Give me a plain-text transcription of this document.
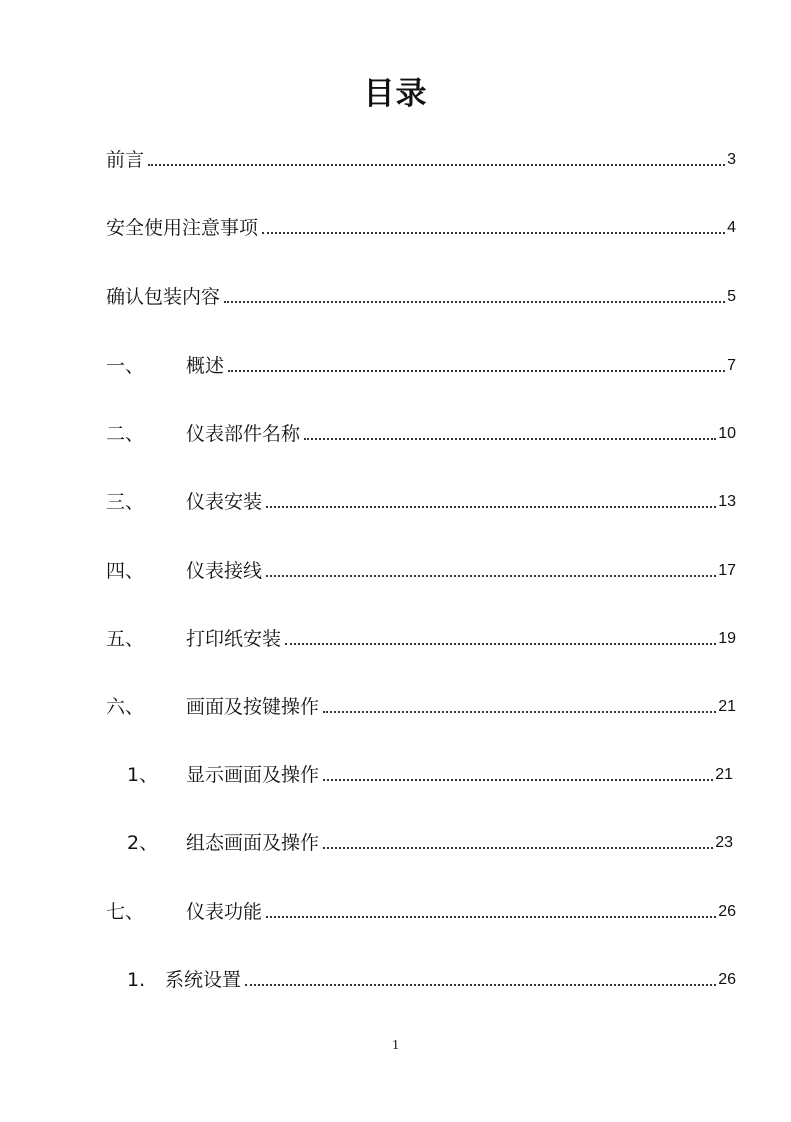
目录
前言	3
安全使用注意事项	4
确认包装内容	5
一、	概述	7
二、	仪表部件名称	10
三、	仪表安装	13
四、	仪表接线	17
五、	打印纸安装	19
六、	画面及按键操作	21
1、	显示画面及操作	21
2、	组态画面及操作	23
七、	仪表功能	26
1.	系统设置	26
1
